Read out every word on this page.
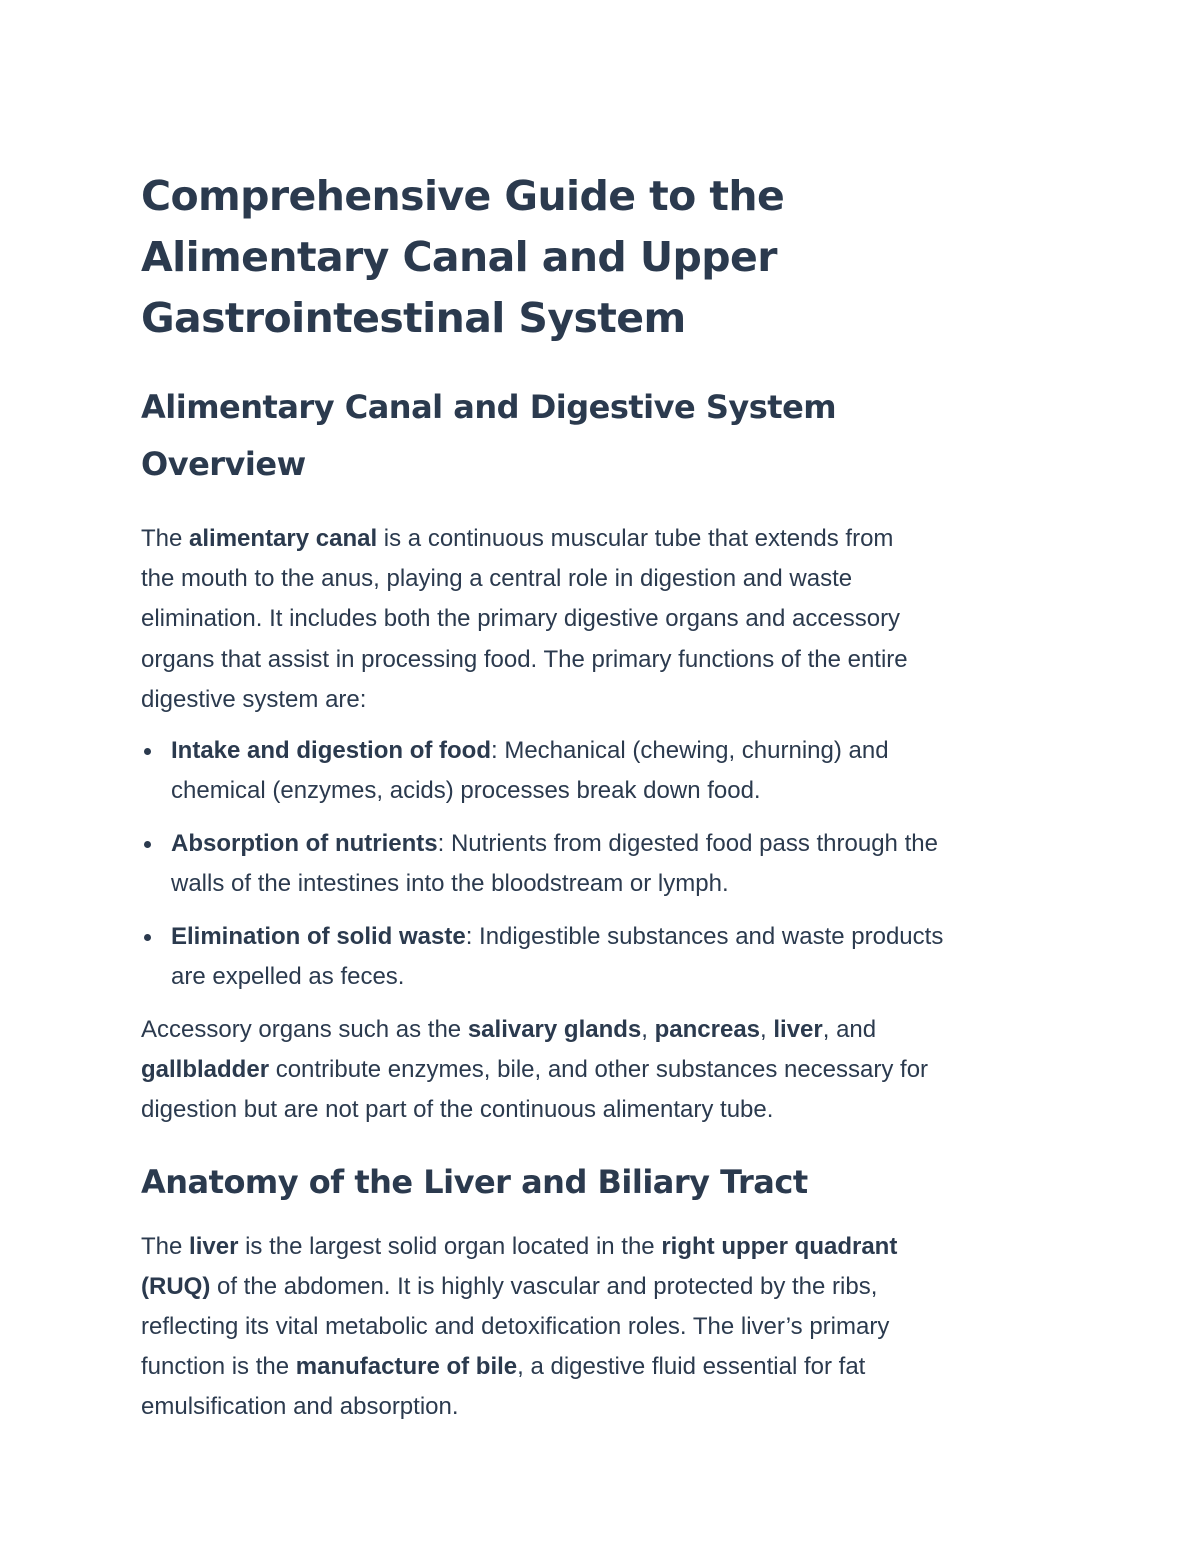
Comprehensive Guide to the
Alimentary Canal and Upper
Gastrointestinal System
Alimentary Canal and Digestive System
Overview

The alimentary canal is a continuous muscular tube that extends from
the mouth to the anus, playing a central role in digestion and waste
elimination. It includes both the primary digestive organs and accessory
organs that assist in processing food. The primary functions of the entire
digestive system are:

Intake and digestion of food: Mechanical (chewing, churning) and
chemical (enzymes, acids) processes break down food.
Absorption of nutrients: Nutrients from digested food pass through the
walls of the intestines into the bloodstream or lymph.
Elimination of solid waste: Indigestible substances and waste products
are expelled as feces.

Accessory organs such as the salivary glands, pancreas, liver, and
gallbladder contribute enzymes, bile, and other substances necessary for
digestion but are not part of the continuous alimentary tube.

Anatomy of the Liver and Biliary Tract

The liver is the largest solid organ located in the right upper quadrant
(RUQ) of the abdomen. It is highly vascular and protected by the ribs,
reflecting its vital metabolic and detoxification roles. The liver’s primary
function is the manufacture of bile, a digestive fluid essential for fat
emulsification and absorption.
